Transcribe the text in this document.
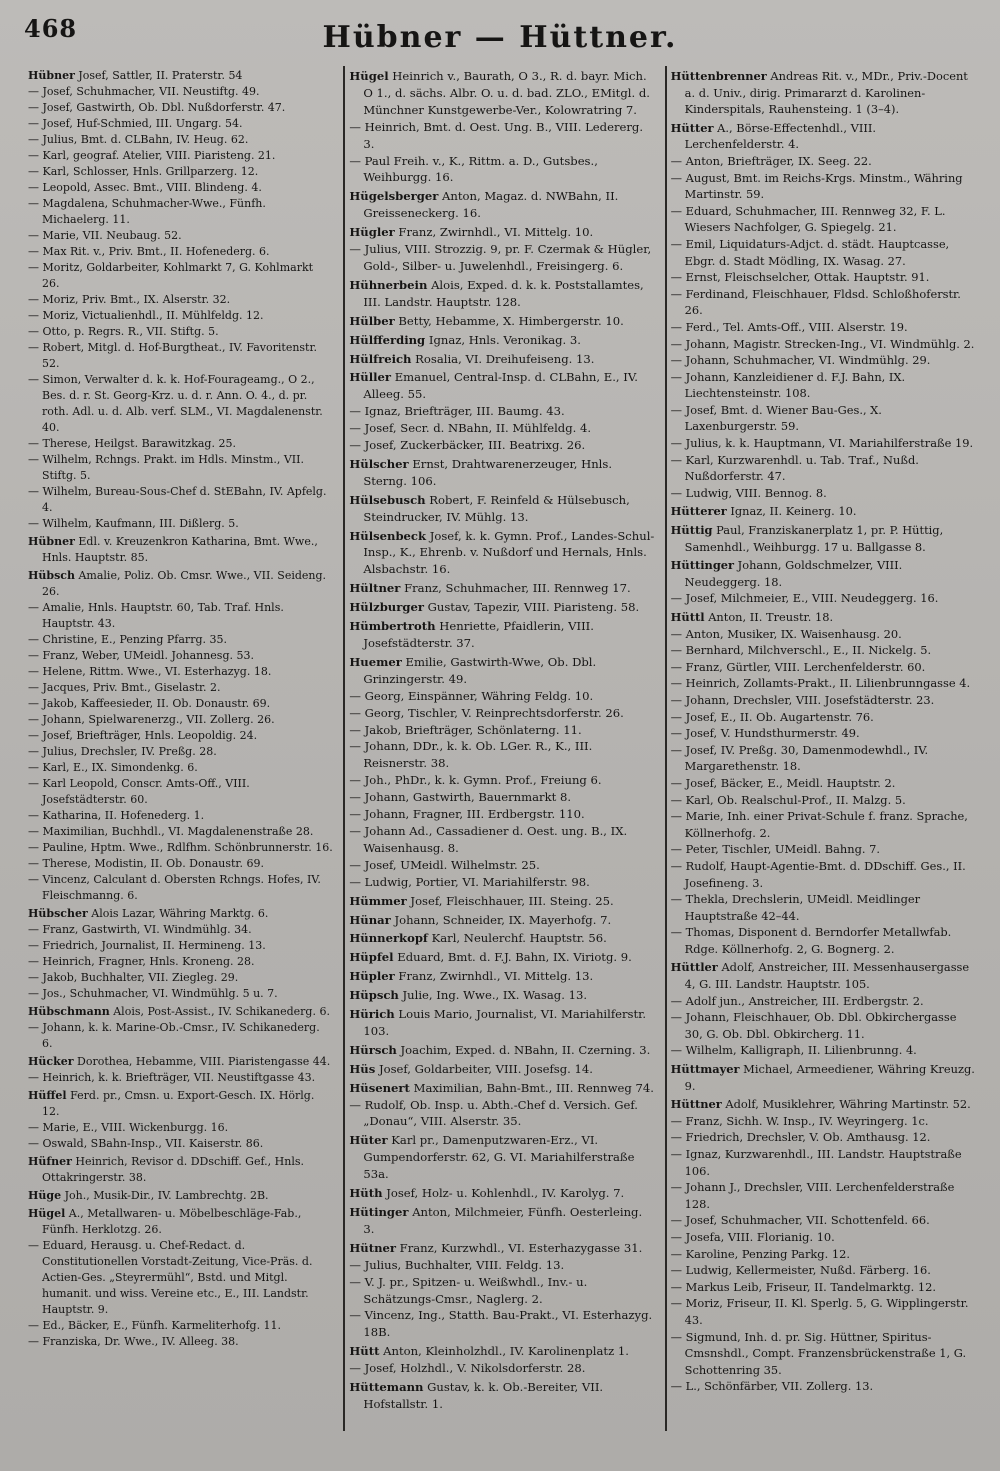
468	Hübner — Hüttner.

Hübner Josef, Sattler, II. Praterstr. 54

— Josef, Schuhmacher, VII. Neustiftg. 49.

— Josef, Gastwirth, Ob. Dbl. Nußdorferstr. 47.

— Josef, Huf-Schmied, III. Ungarg. 54.

— Julius, Bmt. d. CLBahn, IV. Heug. 62.

— Karl, geograf. Atelier, VIII. Piaristeng. 21.

— Karl, Schlosser, Hnls. Grillparzerg. 12.

— Leopold, Assec. Bmt., VIII. Blindeng. 4.

— Magdalena, Schuhmacher-Wwe., Fünfh. Michaelerg. 11.

— Marie, VII. Neubaug. 52.

— Max Rit. v., Priv. Bmt., II. Hofenederg. 6.

— Moritz, Goldarbeiter, Kohlmarkt 7, G. Kohlmarkt 26.

— Moriz, Priv. Bmt., IX. Alserstr. 32.

— Moriz, Victualienhdl., II. Mühlfeldg. 12.

— Otto, p. Regrs. R., VII. Stiftg. 5.

— Robert, Mitgl. d. Hof-Burgtheat., IV. Favoritenstr. 52.

— Simon, Verwalter d. k. k. Hof-Fourageamg., O 2., Bes. d. r. St. Georg-Krz. u. d. r. Ann. O. 4., d. pr. roth. Adl. u. d. Alb. verf. SLM., VI. Magdalenenstr. 40.

— Therese, Heilgst. Barawitzkag. 25.

— Wilhelm, Rchngs. Prakt. im Hdls. Minstm., VII. Stiftg. 5.

— Wilhelm, Bureau-Sous-Chef d. StEBahn, IV. Apfelg. 4.

— Wilhelm, Kaufmann, III. Dißlerg. 5.

Hübner Edl. v. Kreuzenkron Katharina, Bmt. Wwe., Hnls. Hauptstr. 85.

Hübsch Amalie, Poliz. Ob. Cmsr. Wwe., VII. Seideng. 26.

— Amalie, Hnls. Hauptstr. 60, Tab. Traf. Hnls. Hauptstr. 43.

— Christine, E., Penzing Pfarrg. 35.

— Franz, Weber, UMeidl. Johannesg. 53.

— Helene, Rittm. Wwe., VI. Esterhazyg. 18.

— Jacques, Priv. Bmt., Giselastr. 2.

— Jakob, Kaffeesieder, II. Ob. Donaustr. 69.

— Johann, Spielwarenerzg., VII. Zollerg. 26.

— Josef, Briefträger, Hnls. Leopoldig. 24.

— Julius, Drechsler, IV. Preßg. 28.

— Karl, E., IX. Simondenkg. 6.

— Karl Leopold, Conscr. Amts-Off., VIII. Josefstädterstr. 60.

— Katharina, II. Hofenederg. 1.

— Maximilian, Buchhdl., VI. Magdalenenstraße 28.

— Pauline, Hptm. Wwe., Rdlfhm. Schönbrunnerstr. 16.

— Therese, Modistin, II. Ob. Donaustr. 69.

— Vincenz, Calculant d. Obersten Rchngs. Hofes, IV. Fleischmanng. 6.

Hübscher Alois Lazar, Währing Marktg. 6.

— Franz, Gastwirth, VI. Windmühlg. 34.

— Friedrich, Journalist, II. Hermineng. 13.

— Heinrich, Fragner, Hnls. Kroneng. 28.

— Jakob, Buchhalter, VII. Ziegleg. 29.

— Jos., Schuhmacher, VI. Windmühlg. 5 u. 7.

Hübschmann Alois, Post-Assist., IV. Schikanederg. 6.

— Johann, k. k. Marine-Ob.-Cmsr., IV. Schikanederg. 6.

Hücker Dorothea, Hebamme, VIII. Piaristengasse 44.

— Heinrich, k. k. Briefträger, VII. Neustiftgasse 43.

Hüffel Ferd. pr., Cmsn. u. Export-Gesch. IX. Hörlg. 12.

— Marie, E., VIII. Wickenburgg. 16.

— Oswald, SBahn-Insp., VII. Kaiserstr. 86.

Hüfner Heinrich, Revisor d. DDschiff. Gef., Hnls. Ottakringerstr. 38.

Hüge Joh., Musik-Dir., IV. Lambrechtg. 2B.

Hügel A., Metallwaren- u. Möbelbeschläge-Fab., Fünfh. Herklotzg. 26.

— Eduard, Herausg. u. Chef-Redact. d. Constitutionellen Vorstadt-Zeitung, Vice-Präs. d. Actien-Ges. „Steyrermühl“, Bstd. und Mitgl. humanit. und wiss. Vereine etc., E., III. Landstr. Hauptstr. 9.

— Ed., Bäcker, E., Fünfh. Karmeliterhofg. 11.

— Franziska, Dr. Wwe., IV. Alleeg. 38.

Hügel Heinrich v., Baurath, O 3., R. d. bayr. Mich. O 1., d. sächs. Albr. O. u. d. bad. ZLO., EMitgl. d. Münchner Kunstgewerbe-Ver., Kolowratring 7.

— Heinrich, Bmt. d. Oest. Ung. B., VIII. Ledererg. 3.

— Paul Freih. v., K., Rittm. a. D., Gutsbes., Weihburgg. 16.

Hügelsberger Anton, Magaz. d. NWBahn, II. Greisseneckerg. 16.

Hügler Franz, Zwirnhdl., VI. Mittelg. 10.

— Julius, VIII. Strozzig. 9, pr. F. Czermak & Hügler, Gold-, Silber- u. Juwelenhdl., Freisingerg. 6.

Hühnerbein Alois, Exped. d. k. k. Poststallamtes, III. Landstr. Hauptstr. 128.

Hülber Betty, Hebamme, X. Himbergerstr. 10.

Hülfferding Ignaz, Hnls. Veronikag. 3.

Hülfreich Rosalia, VI. Dreihufeiseng. 13.

Hüller Emanuel, Central-Insp. d. CLBahn, E., IV. Alleeg. 55.

— Ignaz, Briefträger, III. Baumg. 43.

— Josef, Secr. d. NBahn, II. Mühlfeldg. 4.

— Josef, Zuckerbäcker, III. Beatrixg. 26.

Hülscher Ernst, Drahtwarenerzeuger, Hnls. Sterng. 106.

Hülsebusch Robert, F. Reinfeld & Hülsebusch, Steindrucker, IV. Mühlg. 13.

Hülsenbeck Josef, k. k. Gymn. Prof., Landes-Schul-Insp., K., Ehrenb. v. Nußdorf und Hernals, Hnls. Alsbachstr. 16.

Hültner Franz, Schuhmacher, III. Rennweg 17.

Hülzburger Gustav, Tapezir, VIII. Piaristeng. 58.

Hümbertroth Henriette, Pfaidlerin, VIII. Josefstädterstr. 37.

Huemer Emilie, Gastwirth-Wwe, Ob. Dbl. Grinzingerstr. 49.

— Georg, Einspänner, Währing Feldg. 10.

— Georg, Tischler, V. Reinprechtsdorferstr. 26.

— Jakob, Briefträger, Schönlaterng. 11.

— Johann, DDr., k. k. Ob. LGer. R., K., III. Reisnerstr. 38.

— Joh., PhDr., k. k. Gymn. Prof., Freiung 6.

— Johann, Gastwirth, Bauernmarkt 8.

— Johann, Fragner, III. Erdbergstr. 110.

— Johann Ad., Cassadiener d. Oest. ung. B., IX. Waisenhausg. 8.

— Josef, UMeidl. Wilhelmstr. 25.

— Ludwig, Portier, VI. Mariahilferstr. 98.

Hümmer Josef, Fleischhauer, III. Steing. 25.

Hünar Johann, Schneider, IX. Mayerhofg. 7.

Hünnerkopf Karl, Neulerchf. Hauptstr. 56.

Hüpfel Eduard, Bmt. d. F.J. Bahn, IX. Viriotg. 9.

Hüpler Franz, Zwirnhdl., VI. Mittelg. 13.

Hüpsch Julie, Ing. Wwe., IX. Wasag. 13.

Hürich Louis Mario, Journalist, VI. Mariahilferstr. 103.

Hürsch Joachim, Exped. d. NBahn, II. Czerning. 3.

Hüs Josef, Goldarbeiter, VIII. Josefsg. 14.

Hüsenert Maximilian, Bahn-Bmt., III. Rennweg 74.

— Rudolf, Ob. Insp. u. Abth.-Chef d. Versich. Gef. „Donau“, VIII. Alserstr. 35.

Hüter Karl pr., Damenputzwaren-Erz., VI. Gumpendorferstr. 62, G. VI. Mariahilferstraße 53a.

Hüth Josef, Holz- u. Kohlenhdl., IV. Karolyg. 7.

Hütinger Anton, Milchmeier, Fünfh. Oesterleing. 3.

Hütner Franz, Kurzwhdl., VI. Esterhazygasse 31.

— Julius, Buchhalter, VIII. Feldg. 13.

— V. J. pr., Spitzen- u. Weißwhdl., Inv.- u. Schätzungs-Cmsr., Naglerg. 2.

— Vincenz, Ing., Statth. Bau-Prakt., VI. Esterhazyg. 18B.

Hütt Anton, Kleinholzhdl., IV. Karolinenplatz 1.

— Josef, Holzhdl., V. Nikolsdorferstr. 28.

Hüttemann Gustav, k. k. Ob.-Bereiter, VII. Hofstallstr. 1.

Hüttenbrenner Andreas Rit. v., MDr., Priv.-Docent a. d. Univ., dirig. Primararzt d. Karolinen-Kinderspitals, Rauhensteing. 1 (3–4).

Hütter A., Börse-Effectenhdl., VIII. Lerchenfelderstr. 4.

— Anton, Briefträger, IX. Seeg. 22.

— August, Bmt. im Reichs-Krgs. Minstm., Währing Martinstr. 59.

— Eduard, Schuhmacher, III. Rennweg 32, F. L. Wiesers Nachfolger, G. Spiegelg. 21.

— Emil, Liquidaturs-Adjct. d. städt. Hauptcasse, Ebgr. d. Stadt Mödling, IX. Wasag. 27.

— Ernst, Fleischselcher, Ottak. Hauptstr. 91.

— Ferdinand, Fleischhauer, Fldsd. Schloßhoferstr. 26.

— Ferd., Tel. Amts-Off., VIII. Alserstr. 19.

— Johann, Magistr. Strecken-Ing., VI. Windmühlg. 2.

— Johann, Schuhmacher, VI. Windmühlg. 29.

— Johann, Kanzleidiener d. F.J. Bahn, IX. Liechtensteinstr. 108.

— Josef, Bmt. d. Wiener Bau-Ges., X. Laxenburgerstr. 59.

— Julius, k. k. Hauptmann, VI. Mariahilferstraße 19.

— Karl, Kurzwarenhdl. u. Tab. Traf., Nußd. Nußdorferstr. 47.

— Ludwig, VIII. Bennog. 8.

Hütterer Ignaz, II. Keinerg. 10.

Hüttig Paul, Franziskanerplatz 1, pr. P. Hüttig, Samenhdl., Weihburgg. 17 u. Ballgasse 8.

Hüttinger Johann, Goldschmelzer, VIII. Neudeggerg. 18.

— Josef, Milchmeier, E., VIII. Neudeggerg. 16.

Hüttl Anton, II. Treustr. 18.

— Anton, Musiker, IX. Waisenhausg. 20.

— Bernhard, Milchverschl., E., II. Nickelg. 5.

— Franz, Gürtler, VIII. Lerchenfelderstr. 60.

— Heinrich, Zollamts-Prakt., II. Lilienbrunngasse 4.

— Johann, Drechsler, VIII. Josefstädterstr. 23.

— Josef, E., II. Ob. Augartenstr. 76.

— Josef, V. Hundsthurmerstr. 49.

— Josef, IV. Preßg. 30, Damenmodewhdl., IV. Margarethenstr. 18.

— Josef, Bäcker, E., Meidl. Hauptstr. 2.

— Karl, Ob. Realschul-Prof., II. Malzg. 5.

— Marie, Inh. einer Privat-Schule f. franz. Sprache, Köllnerhofg. 2.

— Peter, Tischler, UMeidl. Bahng. 7.

— Rudolf, Haupt-Agentie-Bmt. d. DDschiff. Ges., II. Josefineng. 3.

— Thekla, Drechslerin, UMeidl. Meidlinger Hauptstraße 42–44.

— Thomas, Disponent d. Berndorfer Metallwfab. Rdge. Köllnerhofg. 2, G. Bognerg. 2.

Hüttler Adolf, Anstreicher, III. Messenhausergasse 4, G. III. Landstr. Hauptstr. 105.

— Adolf jun., Anstreicher, III. Erdbergstr. 2.

— Johann, Fleischhauer, Ob. Dbl. Obkirchergasse 30, G. Ob. Dbl. Obkircherg. 11.

— Wilhelm, Kalligraph, II. Lilienbrunng. 4.

Hüttmayer Michael, Armeediener, Währing Kreuzg. 9.

Hüttner Adolf, Musiklehrer, Währing Martinstr. 52.

— Franz, Sichh. W. Insp., IV. Weyringerg. 1c.

— Friedrich, Drechsler, V. Ob. Amthausg. 12.

— Ignaz, Kurzwarenhdl., III. Landstr. Hauptstraße 106.

— Johann J., Drechsler, VIII. Lerchenfelderstraße 128.

— Josef, Schuhmacher, VII. Schottenfeld. 66.

— Josefa, VIII. Florianig. 10.

— Karoline, Penzing Parkg. 12.

— Ludwig, Kellermeister, Nußd. Färberg. 16.

— Markus Leib, Friseur, II. Tandelmarktg. 12.

— Moriz, Friseur, II. Kl. Sperlg. 5, G. Wipplingerstr. 43.

— Sigmund, Inh. d. pr. Sig. Hüttner, Spiritus-Cmsnshdl., Compt. Franzensbrückenstraße 1, G. Schottenring 35.

— L., Schönfärber, VII. Zollerg. 13.
